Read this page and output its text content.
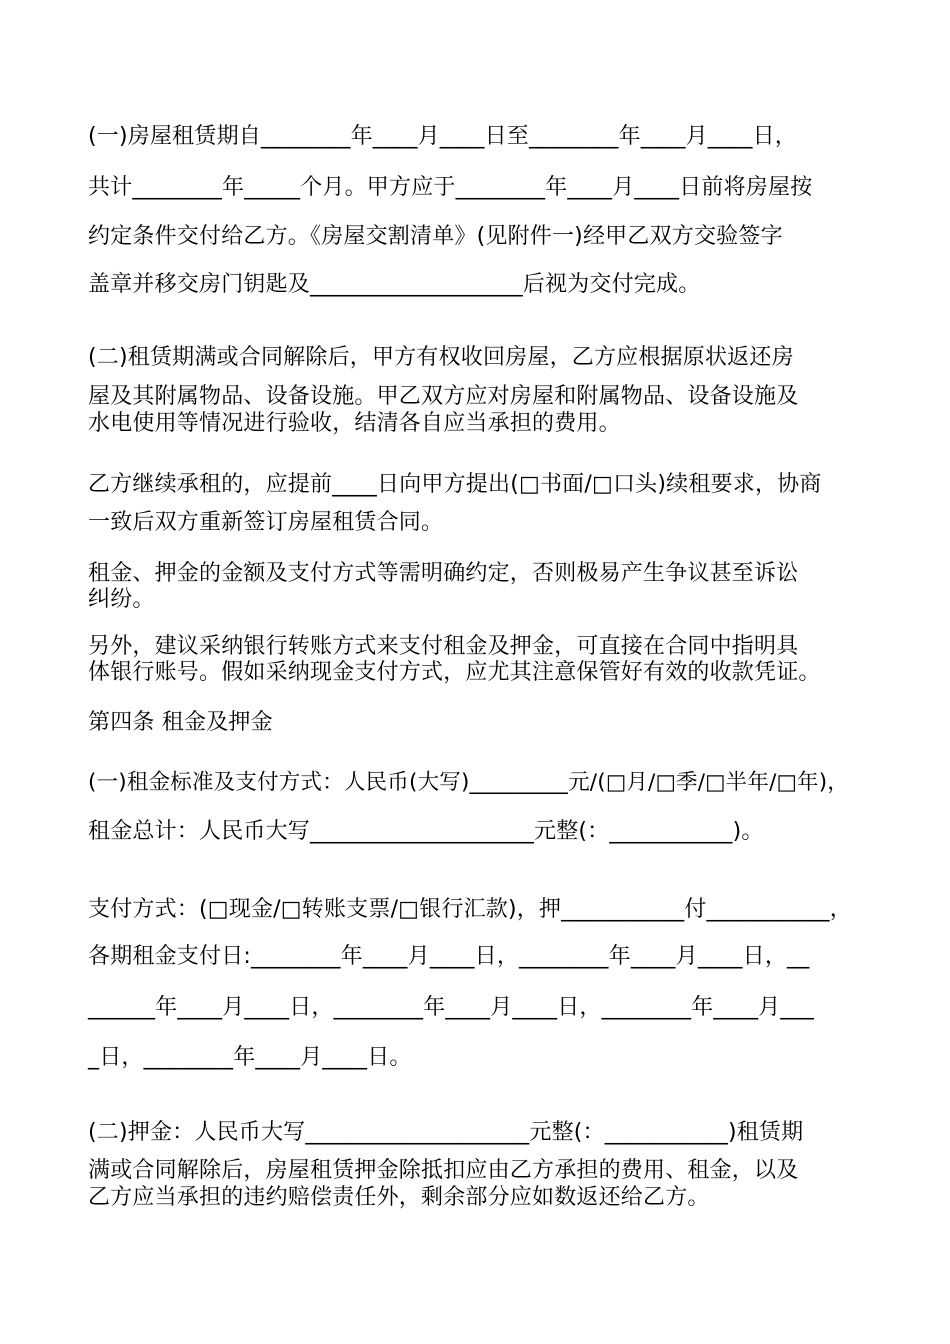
(一)房屋租赁期自________年____月____日至________年____月____日，
共计________年_____个月。甲方应于________年____月____日前将房屋按
约定条件交付给乙方。《房屋交割清单》(见附件一)经甲乙双方交验签字
盖章并移交房门钥匙及___________________后视为交付完成。
(二)租赁期满或合同解除后，甲方有权收回房屋，乙方应根据原状返还房
屋及其附属物品、设备设施。甲乙双方应对房屋和附属物品、设备设施及
水电使用等情况进行验收，结清各自应当承担的费用。
乙方继续承租的，应提前____日向甲方提出(□书面/□口头)续租要求，协商
一致后双方重新签订房屋租赁合同。
租金、押金的金额及支付方式等需明确约定，否则极易产生争议甚至诉讼
纠纷。
另外，建议采纳银行转账方式来支付租金及押金，可直接在合同中指明具
体银行账号。假如采纳现金支付方式，应尤其注意保管好有效的收款凭证。
第四条 租金及押金
(一)租金标准及支付方式：人民币(大写)_________元/(□月/□季/□半年/□年)，
租金总计：人民币大写____________________元整(：___________)。
支付方式：(□现金/□转账支票/□银行汇款)，押___________付___________，
各期租金支付日:________年____月____日，________年____月____日，__
______年____月____日，________年____月____日，________年____月___
_日，________年____月____日。
(二)押金：人民币大写____________________元整(：___________)租赁期
满或合同解除后，房屋租赁押金除抵扣应由乙方承担的费用、租金，以及
乙方应当承担的违约赔偿责任外，剩余部分应如数返还给乙方。
